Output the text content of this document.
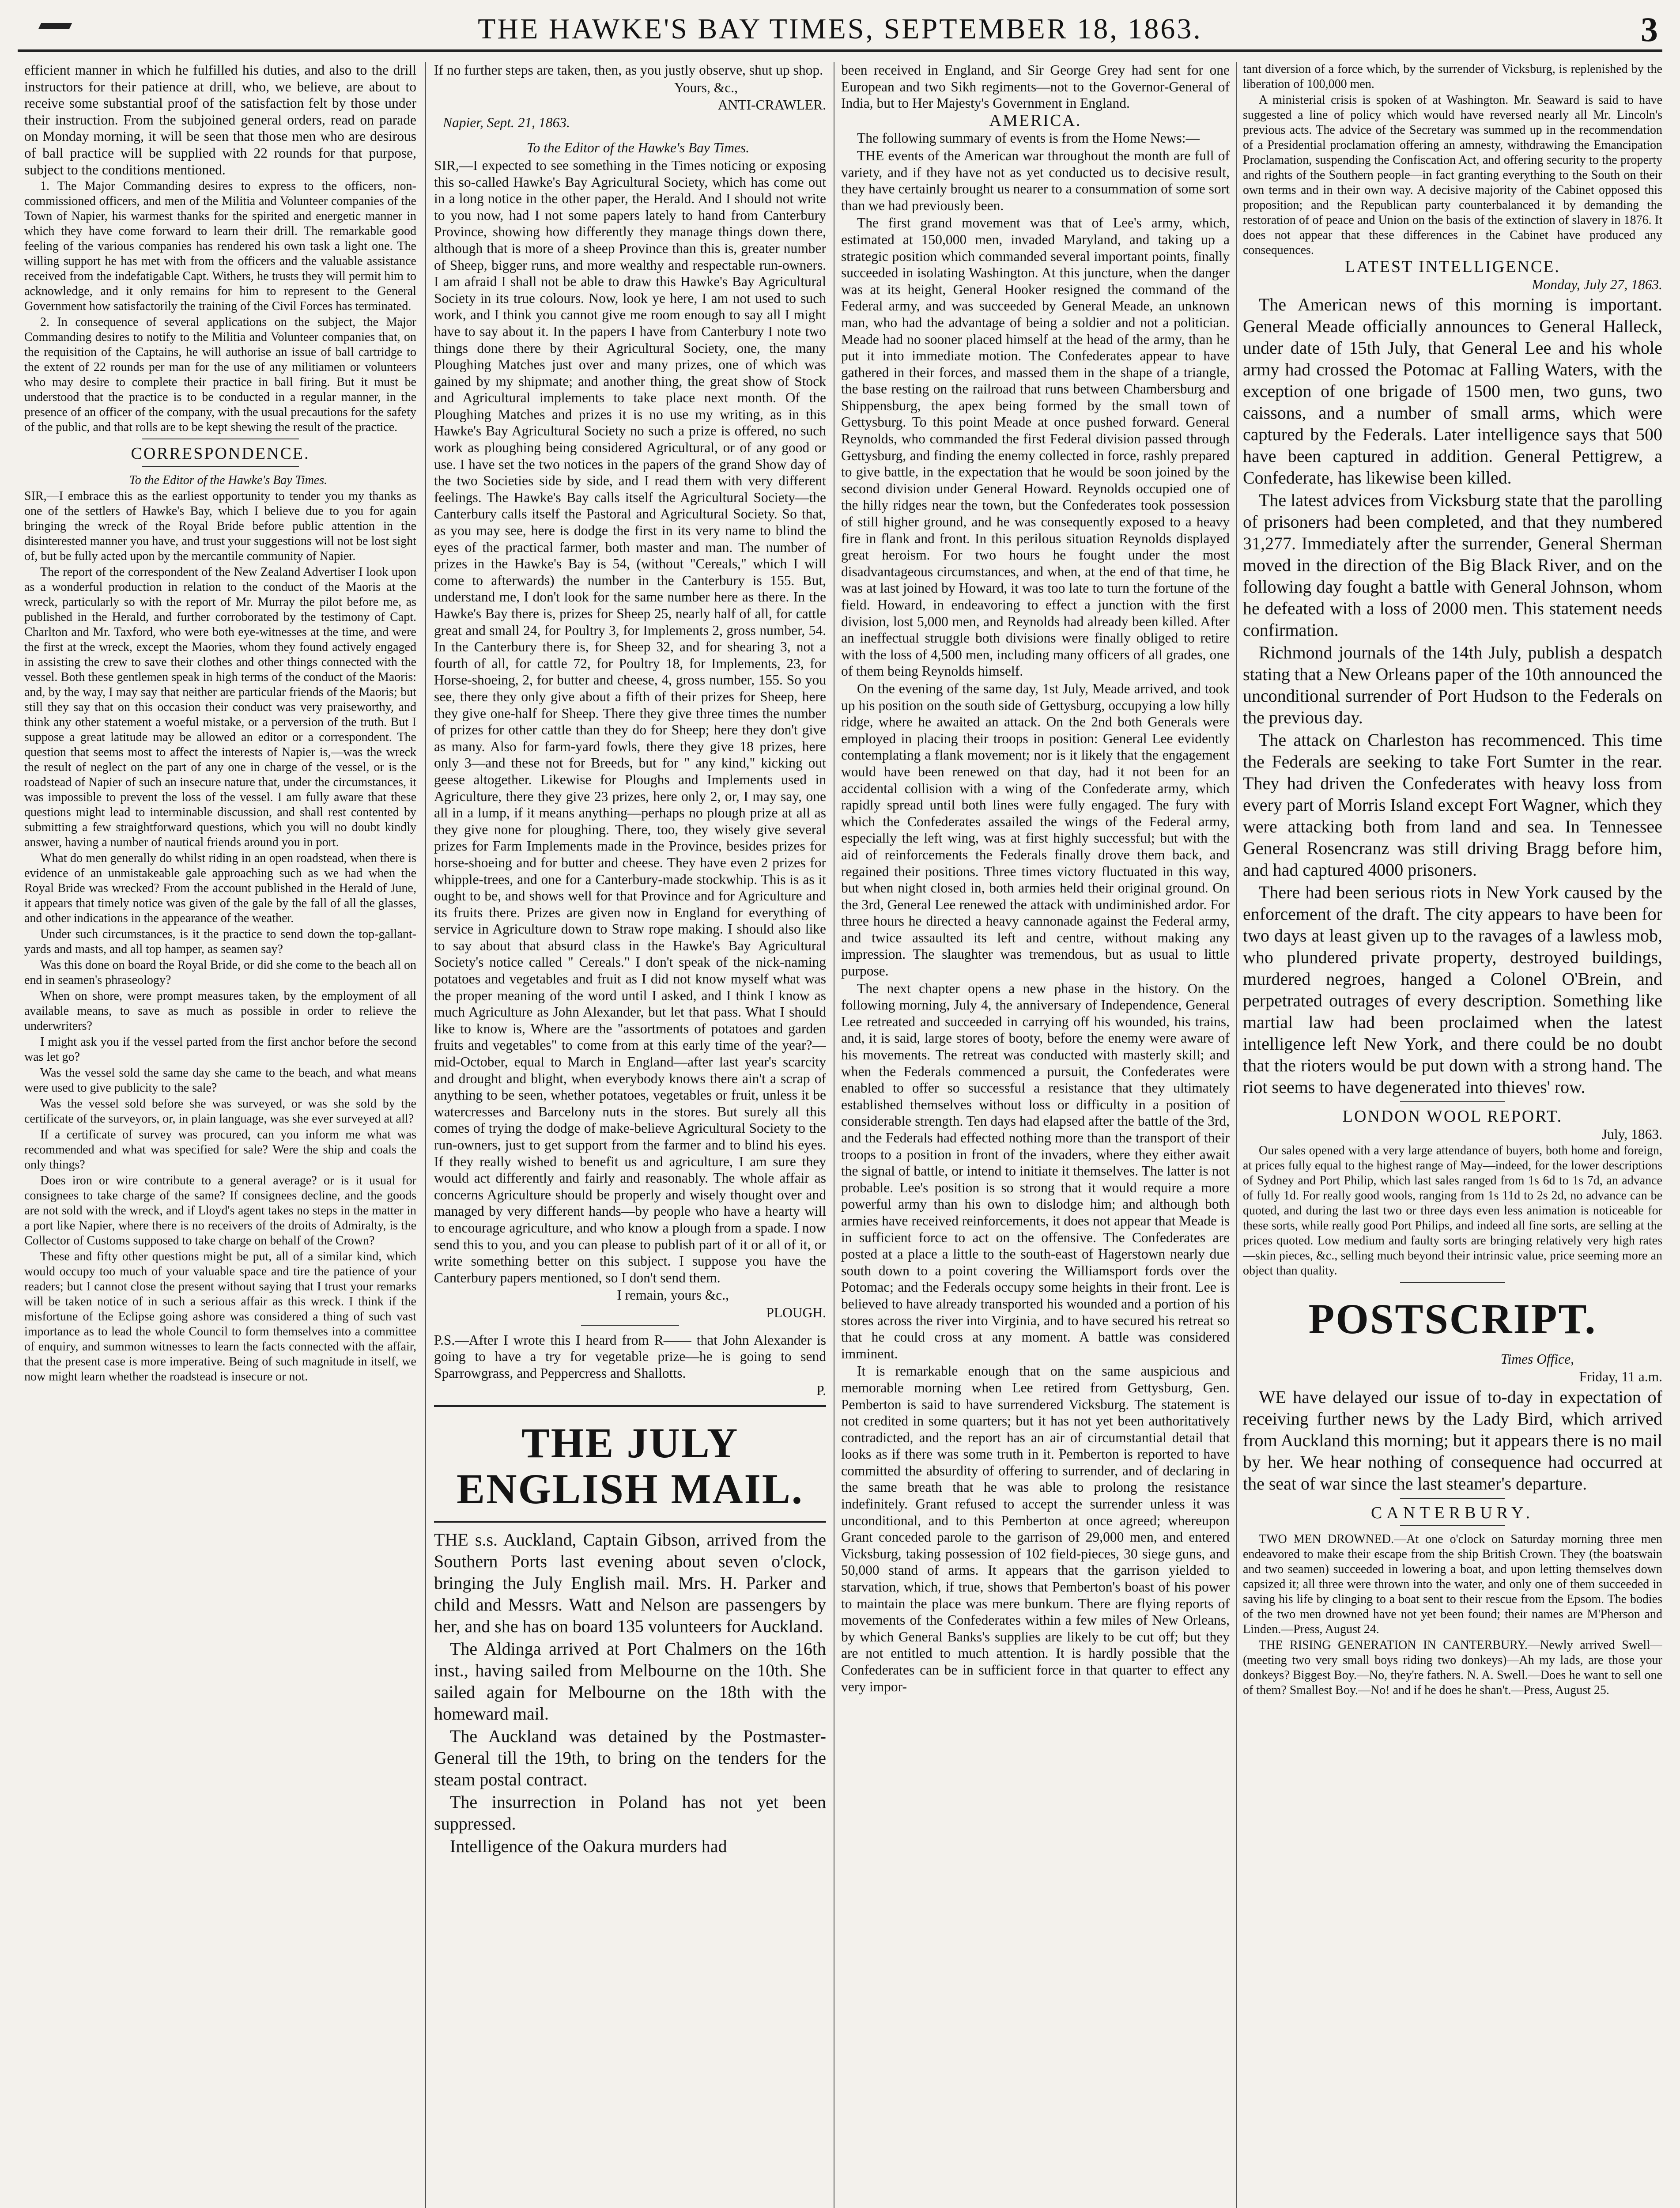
THE HAWKE'S BAY TIMES, SEPTEMBER 18, 1863.	3

efficient manner in which he fulfilled his duties, and also to the drill instructors for their patience at drill, who, we believe, are about to receive some substantial proof of the satisfaction felt by those under their instruction. From the subjoined general orders, read on parade on Monday morning, it will be seen that those men who are desirous of ball practice will be supplied with 22 rounds for that purpose, subject to the conditions mentioned.

1. The Major Commanding desires to express to the officers, non-commissioned officers, and men of the Militia and Volunteer companies of the Town of Napier, his warmest thanks for the spirited and energetic manner in which they have come forward to learn their drill. The remarkable good feeling of the various companies has rendered his own task a light one. The willing support he has met with from the officers and the valuable assistance received from the indefatigable Capt. Withers, he trusts they will permit him to acknowledge, and it only remains for him to represent to the General Government how satisfactorily the training of the Civil Forces has terminated.

2. In consequence of several applications on the subject, the Major Commanding desires to notify to the Militia and Volunteer companies that, on the requisition of the Captains, he will authorise an issue of ball cartridge to the extent of 22 rounds per man for the use of any militiamen or volunteers who may desire to complete their practice in ball firing. But it must be understood that the practice is to be conducted in a regular manner, in the presence of an officer of the company, with the usual precautions for the safety of the public, and that rolls are to be kept shewing the result of the practice.

CORRESPONDENCE.

To the Editor of the Hawke's Bay Times.

SIR,—I embrace this as the earliest opportunity to tender you my thanks as one of the settlers of Hawke's Bay, which I believe due to you for again bringing the wreck of the Royal Bride before public attention in the disinterested manner you have, and trust your suggestions will not be lost sight of, but be fully acted upon by the mercantile community of Napier.

The report of the correspondent of the New Zealand Advertiser I look upon as a wonderful production in relation to the conduct of the Maoris at the wreck, particularly so with the report of Mr. Murray the pilot before me, as published in the Herald, and further corroborated by the testimony of Capt. Charlton and Mr. Taxford, who were both eye-witnesses at the time, and were the first at the wreck, except the Maories, whom they found actively engaged in assisting the crew to save their clothes and other things connected with the vessel. Both these gentlemen speak in high terms of the conduct of the Maoris: and, by the way, I may say that neither are particular friends of the Maoris; but still they say that on this occasion their conduct was very praiseworthy, and think any other statement a woeful mistake, or a perversion of the truth. But I suppose a great latitude may be allowed an editor or a correspondent. The question that seems most to affect the interests of Napier is,—was the wreck the result of neglect on the part of any one in charge of the vessel, or is the roadstead of Napier of such an insecure nature that, under the circumstances, it was impossible to prevent the loss of the vessel. I am fully aware that these questions might lead to interminable discussion, and shall rest contented by submitting a few straightforward questions, which you will no doubt kindly answer, having a number of nautical friends around you in port.

What do men generally do whilst riding in an open roadstead, when there is evidence of an unmistakeable gale approaching such as we had when the Royal Bride was wrecked? From the account published in the Herald of June, it appears that timely notice was given of the gale by the fall of all the glasses, and other indications in the appearance of the weather.

Under such circumstances, is it the practice to send down the top-gallant-yards and masts, and all top hamper, as seamen say?

Was this done on board the Royal Bride, or did she come to the beach all on end in seamen's phraseology?

When on shore, were prompt measures taken, by the employment of all available means, to save as much as possible in order to relieve the underwriters?

I might ask you if the vessel parted from the first anchor before the second was let go?

Was the vessel sold the same day she came to the beach, and what means were used to give publicity to the sale?

Was the vessel sold before she was surveyed, or was she sold by the certificate of the surveyors, or, in plain language, was she ever surveyed at all?

If a certificate of survey was procured, can you inform me what was recommended and what was specified for sale? Were the ship and coals the only things?

Does iron or wire contribute to a general average? or is it usual for consignees to take charge of the same? If consignees decline, and the goods are not sold with the wreck, and if Lloyd's agent takes no steps in the matter in a port like Napier, where there is no receivers of the droits of Admiralty, is the Collector of Customs supposed to take charge on behalf of the Crown?

These and fifty other questions might be put, all of a similar kind, which would occupy too much of your valuable space and tire the patience of your readers; but I cannot close the present without saying that I trust your remarks will be taken notice of in such a serious affair as this wreck. I think if the misfortune of the Eclipse going ashore was considered a thing of such vast importance as to lead the whole Council to form themselves into a committee of enquiry, and summon witnesses to learn the facts connected with the affair, that the present case is more imperative. Being of such magnitude in itself, we now might learn whether the roadstead is insecure or not.

If no further steps are taken, then, as you justly observe, shut up shop.

Yours, &c.,

ANTI-CRAWLER.

Napier, Sept. 21, 1863.

To the Editor of the Hawke's Bay Times.

SIR,—I expected to see something in the Times noticing or exposing this so-called Hawke's Bay Agricultural Society, which has come out in a long notice in the other paper, the Herald. And I should not write to you now, had I not some papers lately to hand from Canterbury Province, showing how differently they manage things down there, although that is more of a sheep Province than this is, greater number of Sheep, bigger runs, and more wealthy and respectable run-owners. I am afraid I shall not be able to draw this Hawke's Bay Agricultural Society in its true colours. Now, look ye here, I am not used to such work, and I think you cannot give me room enough to say all I might have to say about it. In the papers I have from Canterbury I note two things done there by their Agricultural Society, one, the many Ploughing Matches just over and many prizes, one of which was gained by my shipmate; and another thing, the great show of Stock and Agricultural implements to take place next month. Of the Ploughing Matches and prizes it is no use my writing, as in this Hawke's Bay Agricultural Society no such a prize is offered, no such work as ploughing being considered Agricultural, or of any good or use. I have set the two notices in the papers of the grand Show day of the two Societies side by side, and I read them with very different feelings. The Hawke's Bay calls itself the Agricultural Society—the Canterbury calls itself the Pastoral and Agricultural Society. So that, as you may see, here is dodge the first in its very name to blind the eyes of the practical farmer, both master and man. The number of prizes in the Hawke's Bay is 54, (without "Cereals," which I will come to afterwards) the number in the Canterbury is 155. But, understand me, I don't look for the same number here as there. In the Hawke's Bay there is, prizes for Sheep 25, nearly half of all, for cattle great and small 24, for Poultry 3, for Implements 2, gross number, 54. In the Canterbury there is, for Sheep 32, and for shearing 3, not a fourth of all, for cattle 72, for Poultry 18, for Implements, 23, for Horse-shoeing, 2, for butter and cheese, 4, gross number, 155. So you see, there they only give about a fifth of their prizes for Sheep, here they give one-half for Sheep. There they give three times the number of prizes for other cattle than they do for Sheep; here they don't give as many. Also for farm-yard fowls, there they give 18 prizes, here only 3—and these not for Breeds, but for " any kind," kicking out geese altogether. Likewise for Ploughs and Implements used in Agriculture, there they give 23 prizes, here only 2, or, I may say, one all in a lump, if it means anything—perhaps no plough prize at all as they give none for ploughing. There, too, they wisely give several prizes for Farm Implements made in the Province, besides prizes for horse-shoeing and for butter and cheese. They have even 2 prizes for whipple-trees, and one for a Canterbury-made stockwhip. This is as it ought to be, and shows well for that Province and for Agriculture and its fruits there. Prizes are given now in England for everything of service in Agriculture down to Straw rope making. I should also like to say about that absurd class in the Hawke's Bay Agricultural Society's notice called " Cereals." I don't speak of the nick-naming potatoes and vegetables and fruit as I did not know myself what was the proper meaning of the word until I asked, and I think I know as much Agriculture as John Alexander, but let that pass. What I should like to know is, Where are the "assortments of potatoes and garden fruits and vegetables" to come from at this early time of the year?—mid-October, equal to March in England—after last year's scarcity and drought and blight, when everybody knows there ain't a scrap of anything to be seen, whether potatoes, vegetables or fruit, unless it be watercresses and Barcelony nuts in the stores. But surely all this comes of trying the dodge of make-believe Agricultural Society to the run-owners, just to get support from the farmer and to blind his eyes. If they really wished to benefit us and agriculture, I am sure they would act differently and fairly and reasonably. The whole affair as concerns Agriculture should be properly and wisely thought over and managed by very different hands—by people who have a hearty will to encourage agriculture, and who know a plough from a spade. I now send this to you, and you can please to publish part of it or all of it, or write something better on this subject. I suppose you have the Canterbury papers mentioned, so I don't send them.

I remain, yours &c.,

PLOUGH.

P.S.—After I wrote this I heard from R—— that John Alexander is going to have a try for vegetable prize—he is going to send Sparrowgrass, and Peppercress and Shallotts.

P.

THE JULY ENGLISH MAIL.

THE s.s. Auckland, Captain Gibson, arrived from the Southern Ports last evening about seven o'clock, bringing the July English mail. Mrs. H. Parker and child and Messrs. Watt and Nelson are passengers by her, and she has on board 135 volunteers for Auckland.

The Aldinga arrived at Port Chalmers on the 16th inst., having sailed from Melbourne on the 10th. She sailed again for Melbourne on the 18th with the homeward mail.

The Auckland was detained by the Postmaster-General till the 19th, to bring on the tenders for the steam postal contract.

The insurrection in Poland has not yet been suppressed.

Intelligence of the Oakura murders had

been received in England, and Sir George Grey had sent for one European and two Sikh regiments—not to the Governor-General of India, but to Her Majesty's Government in England.

AMERICA.

The following summary of events is from the Home News:—

THE events of the American war throughout the month are full of variety, and if they have not as yet conducted us to decisive result, they have certainly brought us nearer to a consummation of some sort than we had previously been.

The first grand movement was that of Lee's army, which, estimated at 150,000 men, invaded Maryland, and taking up a strategic position which commanded several important points, finally succeeded in isolating Washington. At this juncture, when the danger was at its height, General Hooker resigned the command of the Federal army, and was succeeded by General Meade, an unknown man, who had the advantage of being a soldier and not a politician. Meade had no sooner placed himself at the head of the army, than he put it into immediate motion. The Confederates appear to have gathered in their forces, and massed them in the shape of a triangle, the base resting on the railroad that runs between Chambersburg and Shippensburg, the apex being formed by the small town of Gettysburg. To this point Meade at once pushed forward. General Reynolds, who commanded the first Federal division passed through Gettysburg, and finding the enemy collected in force, rashly prepared to give battle, in the expectation that he would be soon joined by the second division under General Howard. Reynolds occupied one of the hilly ridges near the town, but the Confederates took possession of still higher ground, and he was consequently exposed to a heavy fire in flank and front. In this perilous situation Reynolds displayed great heroism. For two hours he fought under the most disadvantageous circumstances, and when, at the end of that time, he was at last joined by Howard, it was too late to turn the fortune of the field. Howard, in endeavoring to effect a junction with the first division, lost 5,000 men, and Reynolds had already been killed. After an ineffectual struggle both divisions were finally obliged to retire with the loss of 4,500 men, including many officers of all grades, one of them being Reynolds himself.

On the evening of the same day, 1st July, Meade arrived, and took up his position on the south side of Gettysburg, occupying a low hilly ridge, where he awaited an attack. On the 2nd both Generals were employed in placing their troops in position: General Lee evidently contemplating a flank movement; nor is it likely that the engagement would have been renewed on that day, had it not been for an accidental collision with a wing of the Confederate army, which rapidly spread until both lines were fully engaged. The fury with which the Confederates assailed the wings of the Federal army, especially the left wing, was at first highly successful; but with the aid of reinforcements the Federals finally drove them back, and regained their positions. Three times victory fluctuated in this way, but when night closed in, both armies held their original ground. On the 3rd, General Lee renewed the attack with undiminished ardor. For three hours he directed a heavy cannonade against the Federal army, and twice assaulted its left and centre, without making any impression. The slaughter was tremendous, but as usual to little purpose.

The next chapter opens a new phase in the history. On the following morning, July 4, the anniversary of Independence, General Lee retreated and succeeded in carrying off his wounded, his trains, and, it is said, large stores of booty, before the enemy were aware of his movements. The retreat was conducted with masterly skill; and when the Federals commenced a pursuit, the Confederates were enabled to offer so successful a resistance that they ultimately established themselves without loss or difficulty in a position of considerable strength. Ten days had elapsed after the battle of the 3rd, and the Federals had effected nothing more than the transport of their troops to a position in front of the invaders, where they either await the signal of battle, or intend to initiate it themselves. The latter is not probable. Lee's position is so strong that it would require a more powerful army than his own to dislodge him; and although both armies have received reinforcements, it does not appear that Meade is in sufficient force to act on the offensive. The Confederates are posted at a place a little to the south-east of Hagerstown nearly due south down to a point covering the Williamsport fords over the Potomac; and the Federals occupy some heights in their front. Lee is believed to have already transported his wounded and a portion of his stores across the river into Virginia, and to have secured his retreat so that he could cross at any moment. A battle was considered imminent.

It is remarkable enough that on the same auspicious and memorable morning when Lee retired from Gettysburg, Gen. Pemberton is said to have surrendered Vicksburg. The statement is not credited in some quarters; but it has not yet been authoritatively contradicted, and the report has an air of circumstantial detail that looks as if there was some truth in it. Pemberton is reported to have committed the absurdity of offering to surrender, and of declaring in the same breath that he was able to prolong the resistance indefinitely. Grant refused to accept the surrender unless it was unconditional, and to this Pemberton at once agreed; whereupon Grant conceded parole to the garrison of 29,000 men, and entered Vicksburg, taking possession of 102 field-pieces, 30 siege guns, and 50,000 stand of arms. It appears that the garrison yielded to starvation, which, if true, shows that Pemberton's boast of his power to maintain the place was mere bunkum. There are flying reports of movements of the Confederates within a few miles of New Orleans, by which General Banks's supplies are likely to be cut off; but they are not entitled to much attention. It is hardly possible that the Confederates can be in sufficient force in that quarter to effect any very impor-

tant diversion of a force which, by the surrender of Vicksburg, is replenished by the liberation of 100,000 men.

A ministerial crisis is spoken of at Washington. Mr. Seaward is said to have suggested a line of policy which would have reversed nearly all Mr. Lincoln's previous acts. The advice of the Secretary was summed up in the recommendation of a Presidential proclamation offering an amnesty, withdrawing the Emancipation Proclamation, suspending the Confiscation Act, and offering security to the property and rights of the Southern people—in fact granting everything to the South on their own terms and in their own way. A decisive majority of the Cabinet opposed this proposition; and the Republican party counterbalanced it by demanding the restoration of of peace and Union on the basis of the extinction of slavery in 1876. It does not appear that these differences in the Cabinet have produced any consequences.

LATEST INTELLIGENCE.

Monday, July 27, 1863.

The American news of this morning is important. General Meade officially announces to General Halleck, under date of 15th July, that General Lee and his whole army had crossed the Potomac at Falling Waters, with the exception of one brigade of 1500 men, two guns, two caissons, and a number of small arms, which were captured by the Federals. Later intelligence says that 500 have been captured in addition. General Pettigrew, a Confederate, has likewise been killed.

The latest advices from Vicksburg state that the parolling of prisoners had been completed, and that they numbered 31,277. Immediately after the surrender, General Sherman moved in the direction of the Big Black River, and on the following day fought a battle with General Johnson, whom he defeated with a loss of 2000 men. This statement needs confirmation.

Richmond journals of the 14th July, publish a despatch stating that a New Orleans paper of the 10th announced the unconditional surrender of Port Hudson to the Federals on the previous day.

The attack on Charleston has recommenced. This time the Federals are seeking to take Fort Sumter in the rear. They had driven the Confederates with heavy loss from every part of Morris Island except Fort Wagner, which they were attacking both from land and sea. In Tennessee General Rosencranz was still driving Bragg before him, and had captured 4000 prisoners.

There had been serious riots in New York caused by the enforcement of the draft. The city appears to have been for two days at least given up to the ravages of a lawless mob, who plundered private property, destroyed buildings, murdered negroes, hanged a Colonel O'Brein, and perpetrated outrages of every description. Something like martial law had been proclaimed when the latest intelligence left New York, and there could be no doubt that the rioters would be put down with a strong hand. The riot seems to have degenerated into thieves' row.

LONDON WOOL REPORT.

July, 1863.

Our sales opened with a very large attendance of buyers, both home and foreign, at prices fully equal to the highest range of May—indeed, for the lower descriptions of Sydney and Port Philip, which last sales ranged from 1s 6d to 1s 7d, an advance of fully 1d. For really good wools, ranging from 1s 11d to 2s 2d, no advance can be quoted, and during the last two or three days even less animation is noticeable for these sorts, while really good Port Philips, and indeed all fine sorts, are selling at the prices quoted. Low medium and faulty sorts are bringing relatively very high rates—skin pieces, &c., selling much beyond their intrinsic value, price seeming more an object than quality.

POSTSCRIPT.

Times Office,

Friday, 11 a.m.

WE have delayed our issue of to-day in expectation of receiving further news by the Lady Bird, which arrived from Auckland this morning; but it appears there is no mail by her. We hear nothing of consequence had occurred at the seat of war since the last steamer's departure.

CANTERBURY.

TWO MEN DROWNED.—At one o'clock on Saturday morning three men endeavored to make their escape from the ship British Crown. They (the boatswain and two seamen) succeeded in lowering a boat, and upon letting themselves down capsized it; all three were thrown into the water, and only one of them succeeded in saving his life by clinging to a boat sent to their rescue from the Epsom. The bodies of the two men drowned have not yet been found; their names are M'Pherson and Linden.—Press, August 24.

THE RISING GENERATION IN CANTERBURY.—Newly arrived Swell—(meeting two very small boys riding two donkeys)—Ah my lads, are those your donkeys? Biggest Boy.—No, they're fathers. N. A. Swell.—Does he want to sell one of them? Smallest Boy.—No! and if he does he shan't.—Press, August 25.
